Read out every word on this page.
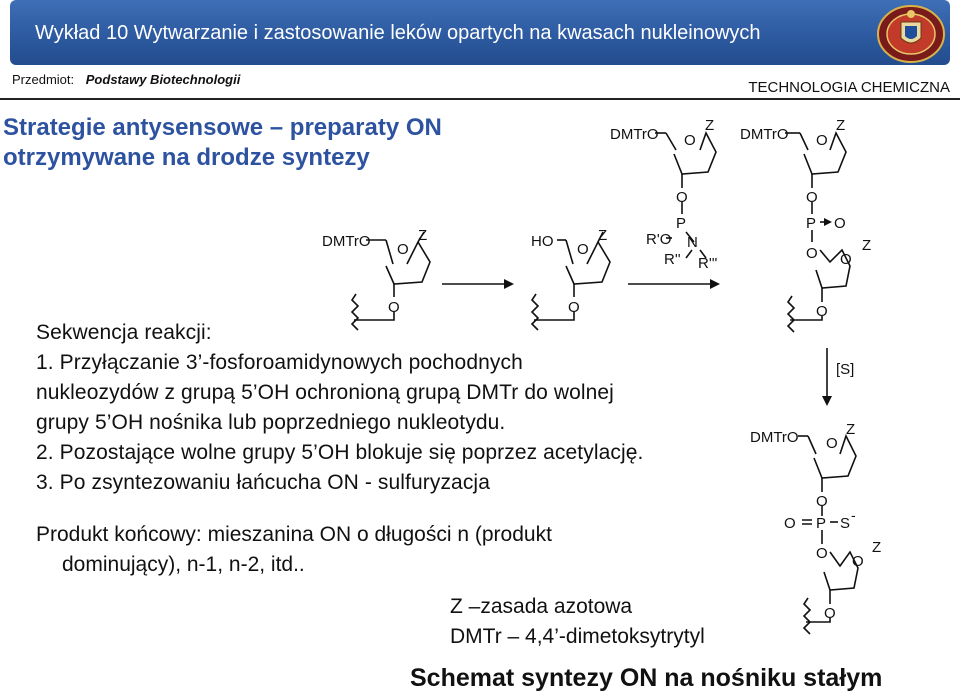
Wykład 10 Wytwarzanie i zastosowanie leków opartych na kwasach nukleinowych
Przedmiot: Podstawy Biotechnologii	TECHNOLOGIA CHEMICZNA
Strategie antysensowe – preparaty ON
otrzymywane na drodze syntezy
DMTrO O
Z
O
HO O
Z
O
DMTrO O
Z
O
P
R'O N
R'' R'''
DMTrO O
Z
O
P O
O O
Z
O
[S]
DMTrO O
Z
O
O P S -
O O
Z
O
Sekwencja reakcji:
1. Przyłączanie 3’-fosforoamidynowych pochodnych
nukleozydów z grupą 5’OH ochronioną grupą DMTr do wolnej
grupy 5’OH nośnika lub poprzedniego nukleotydu.
2. Pozostające wolne grupy 5’OH blokuje się poprzez acetylację.
3. Po zsyntezowaniu łańcucha ON - sulfuryzacja
Produkt końcowy: mieszanina ON o długości n (produkt
dominujący), n-1, n-2, itd..
Z –zasada azotowa
DMTr – 4,4’-dimetoksytrytyl
Schemat syntezy ON na nośniku stałym
